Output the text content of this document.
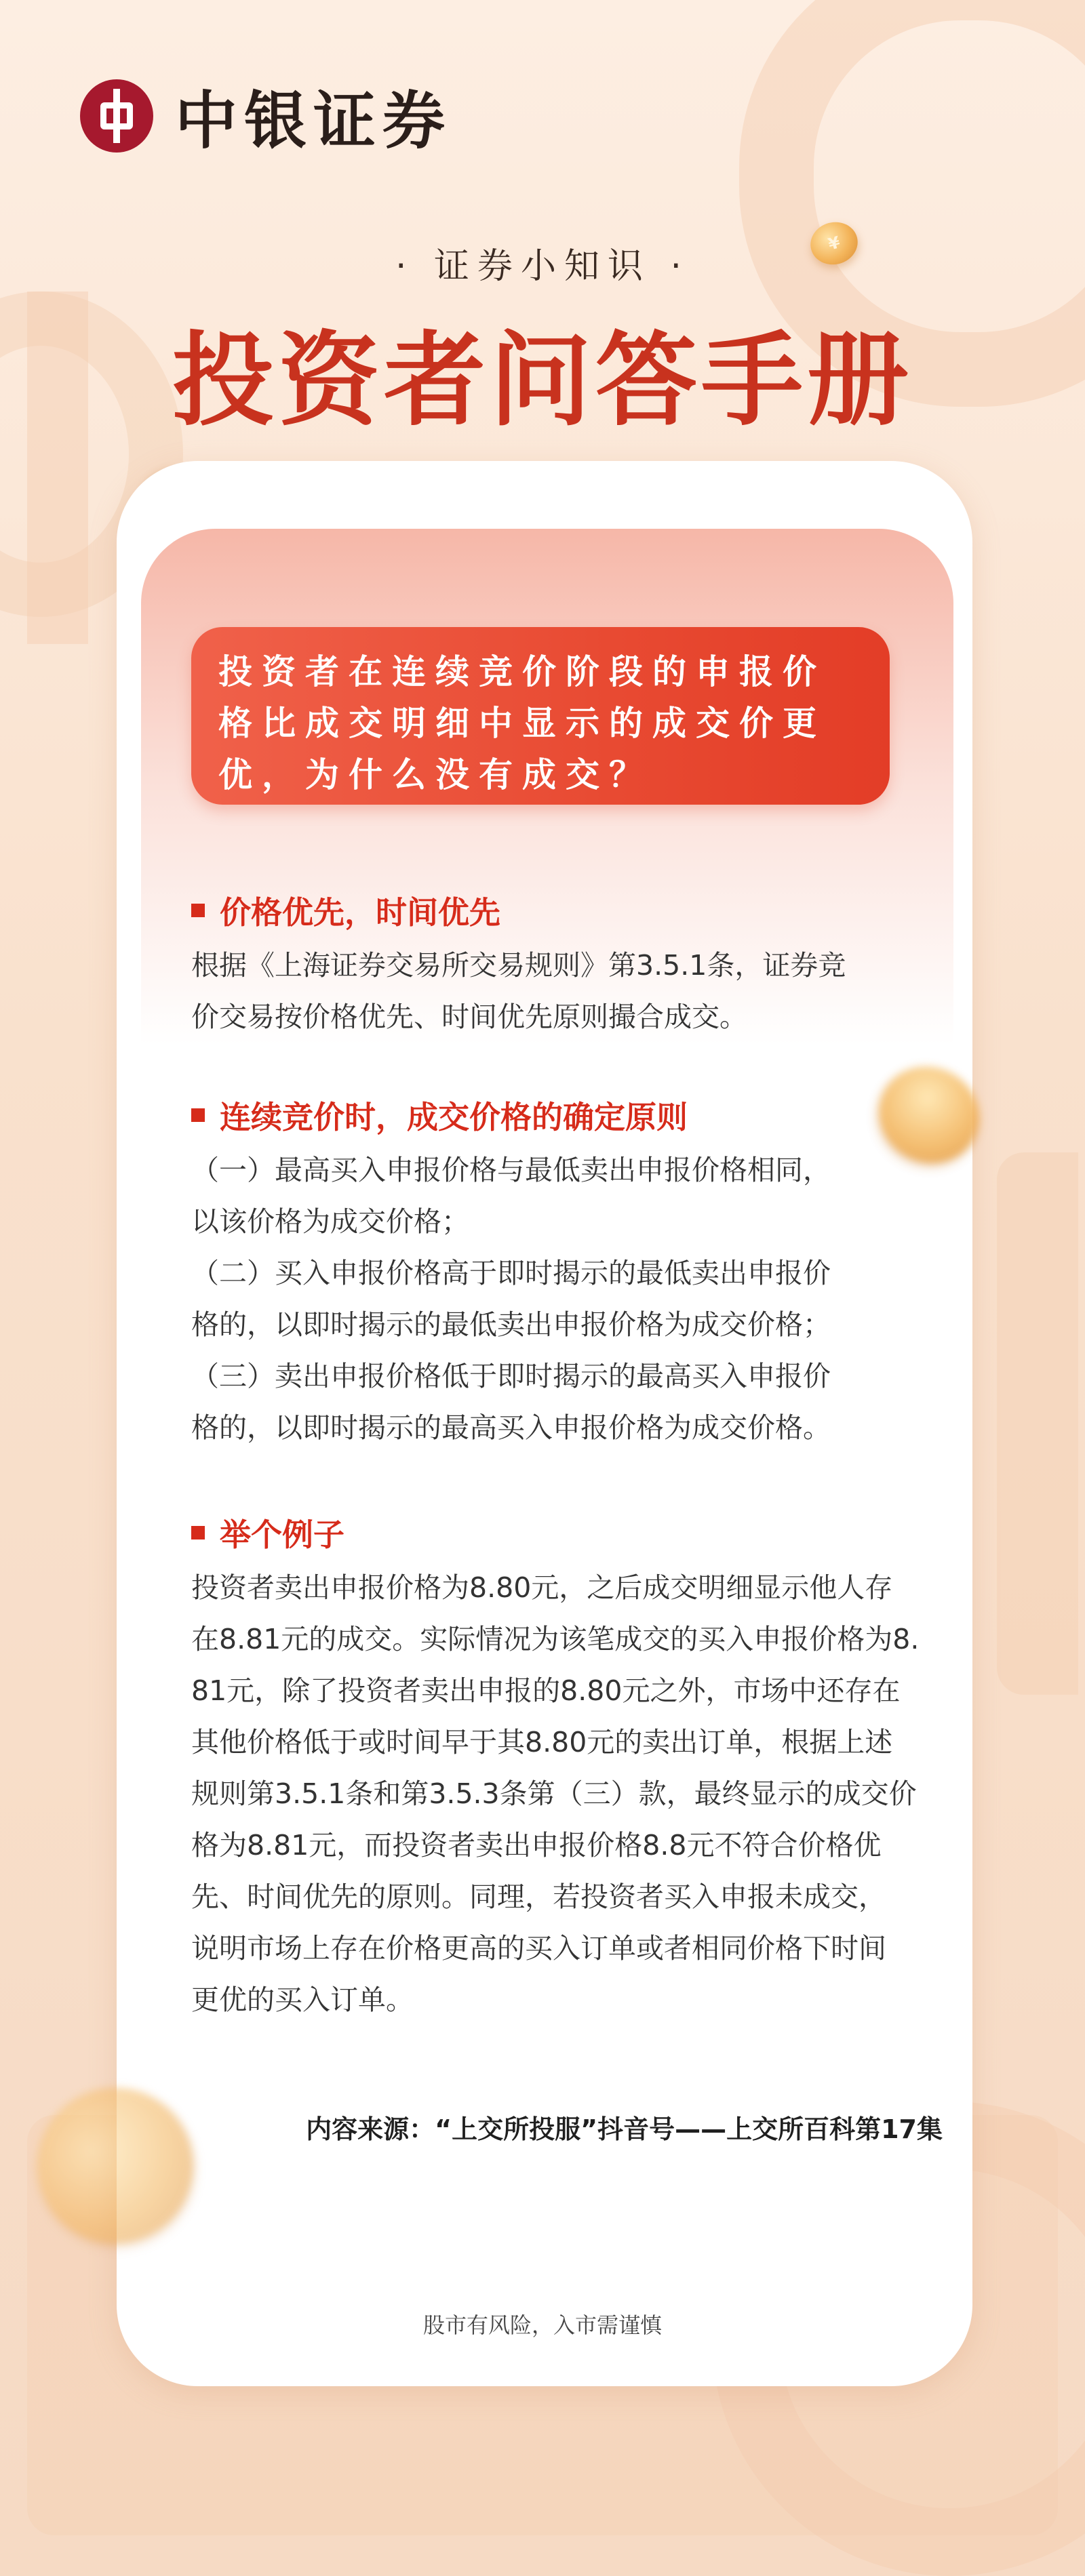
中银证券
· 证券小知识 ·
投资者问答手册
¥
投资者在连续竞价阶段的申报价格比成交明细中显示的成交价更优，为什么没有成交？
价格优先，时间优先
根据《上海证券交易所交易规则》第3.5.1条，证券竞
价交易按价格优先、时间优先原则撮合成交。
连续竞价时，成交价格的确定原则
（一）最高买入申报价格与最低卖出申报价格相同，
以该价格为成交价格；
（二）买入申报价格高于即时揭示的最低卖出申报价
格的，以即时揭示的最低卖出申报价格为成交价格；
（三）卖出申报价格低于即时揭示的最高买入申报价
格的，以即时揭示的最高买入申报价格为成交价格。
举个例子
投资者卖出申报价格为8.80元，之后成交明细显示他人存
在8.81元的成交。实际情况为该笔成交的买入申报价格为8.
81元，除了投资者卖出申报的8.80元之外，市场中还存在
其他价格低于或时间早于其8.80元的卖出订单，根据上述
规则第3.5.1条和第3.5.3条第（三）款，最终显示的成交价
格为8.81元，而投资者卖出申报价格8.8元不符合价格优
先、时间优先的原则。同理，若投资者买入申报未成交，
说明市场上存在价格更高的买入订单或者相同价格下时间
更优的买入订单。
内容来源：“上交所投服”抖音号——上交所百科第17集
股市有风险，入市需谨慎
